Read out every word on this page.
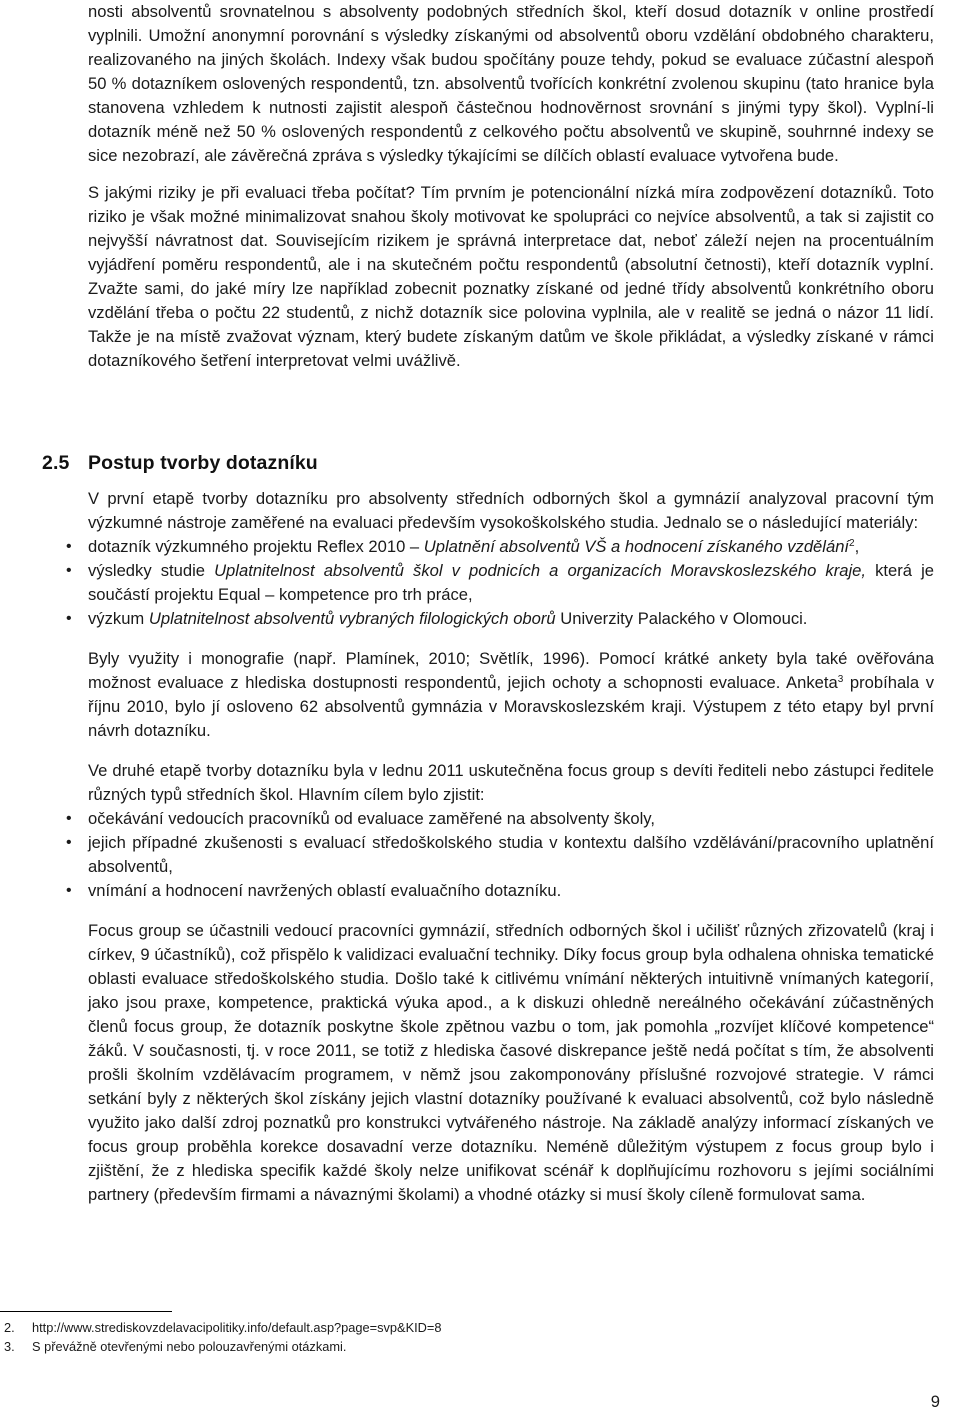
nosti absolventů srovnatelnou s absolventy podobných středních škol, kteří dosud dotazník v online prostředí vyplnili. Umožní anonymní porovnání s výsledky získanými od absolventů oboru vzdělání obdobného charakteru, realizovaného na jiných školách. Indexy však budou spočítány pouze tehdy, pokud se evaluace zúčastní alespoň 50 % dotazníkem oslovených respondentů, tzn. absolventů tvořících konkrétní zvolenou skupinu (tato hranice byla stanovena vzhledem k nutnosti zajistit alespoň částečnou hodnověrnost srovnání s jinými typy škol). Vyplní-li dotazník méně než 50 % oslovených respondentů z celkového počtu absolventů ve skupině, souhrnné indexy se sice nezobrazí, ale závěrečná zpráva s výsledky týkajícími se dílčích oblastí evaluace vytvořena bude.

S jakými riziky je při evaluaci třeba počítat? Tím prvním je potencionální nízká míra zodpovězení dotazníků. Toto riziko je však možné minimalizovat snahou školy motivovat ke spolupráci co nejvíce absolventů, a tak si zajistit co nejvyšší návratnost dat. Souvisejícím rizikem je správná interpretace dat, neboť záleží nejen na procentuálním vyjádření poměru respondentů, ale i na skutečném počtu respondentů (absolutní četnosti), kteří dotazník vyplní. Zvažte sami, do jaké míry lze například zobecnit poznatky získané od jedné třídy absolventů konkrétního oboru vzdělání třeba o počtu 22 studentů, z nichž dotazník sice polovina vyplnila, ale v realitě se jedná o názor 11 lidí. Takže je na místě zvažovat význam, který budete získaným datům ve škole přikládat, a výsledky získané v rámci dotazníkového šetření interpretovat velmi uvážlivě.

2.5 Postup tvorby dotazníku

V první etapě tvorby dotazníku pro absolventy středních odborných škol a gymnázií analyzoval pracovní tým výzkumné nástroje zaměřené na evaluaci především vysokoškolského studia. Jednalo se o následující materiály:

• dotazník výzkumného projektu Reflex 2010 – Uplatnění absolventů VŠ a hodnocení získaného vzdělání$^2$,
• výsledky studie Uplatnitelnost absolventů škol v podnicích a organizacích Moravskoslezského kraje, která je součástí projektu Equal – kompetence pro trh práce,
• výzkum Uplatnitelnost absolventů vybraných filologických oborů Univerzity Palackého v Olomouci.

Byly využity i monografie (např. Plamínek, 2010; Světlík, 1996). Pomocí krátké ankety byla také ověřována možnost evaluace z hlediska dostupnosti respondentů, jejich ochoty a schopnosti evaluace. Anketa$^3$ probíhala v říjnu 2010, bylo jí osloveno 62 absolventů gymnázia v Moravskoslezském kraji. Výstupem z této etapy byl první návrh dotazníku.

Ve druhé etapě tvorby dotazníku byla v lednu 2011 uskutečněna focus group s devíti řediteli nebo zástupci ředitele různých typů středních škol. Hlavním cílem bylo zjistit:

• očekávání vedoucích pracovníků od evaluace zaměřené na absolventy školy,
• jejich případné zkušenosti s evaluací středoškolského studia v kontextu dalšího vzdělávání/pracovního uplatnění absolventů,
• vnímání a hodnocení navržených oblastí evaluačního dotazníku.

Focus group se účastnili vedoucí pracovníci gymnázií, středních odborných škol i učilišť různých zřizovatelů (kraj i církev, 9 účastníků), což přispělo k validizaci evaluační techniky. Díky focus group byla odhalena ohniska tematické oblasti evaluace středoškolského studia. Došlo také k citlivému vnímání některých intuitivně vnímaných kategorií, jako jsou praxe, kompetence, praktická výuka apod., a k diskuzi ohledně nereálného očekávání zúčastněných členů focus group, že dotazník poskytne škole zpětnou vazbu o tom, jak pomohla „rozvíjet klíčové kompetence“ žáků. V současnosti, tj. v roce 2011, se totiž z hlediska časové diskrepance ještě nedá počítat s tím, že absolventi prošli školním vzdělávacím programem, v němž jsou zakomponovány příslušné rozvojové strategie. V rámci setkání byly z některých škol získány jejich vlastní dotazníky používané k evaluaci absolventů, což bylo následně využito jako další zdroj poznatků pro konstrukci vytvářeného nástroje. Na základě analýzy informací získaných ve focus group proběhla korekce dosavadní verze dotazníku. Neméně důležitým výstupem z focus group bylo i zjištění, že z hlediska specifik každé školy nelze unifikovat scénář k doplňujícímu rozhovoru s jejími sociálními partnery (především firmami a návaznými školami) a vhodné otázky si musí školy cíleně formulovat sama.

2. http://www.strediskovzdelavacipolitiky.info/default.asp?page=svp&KID=8
3. S převážně otevřenými nebo polouzavřenými otázkami.
9
